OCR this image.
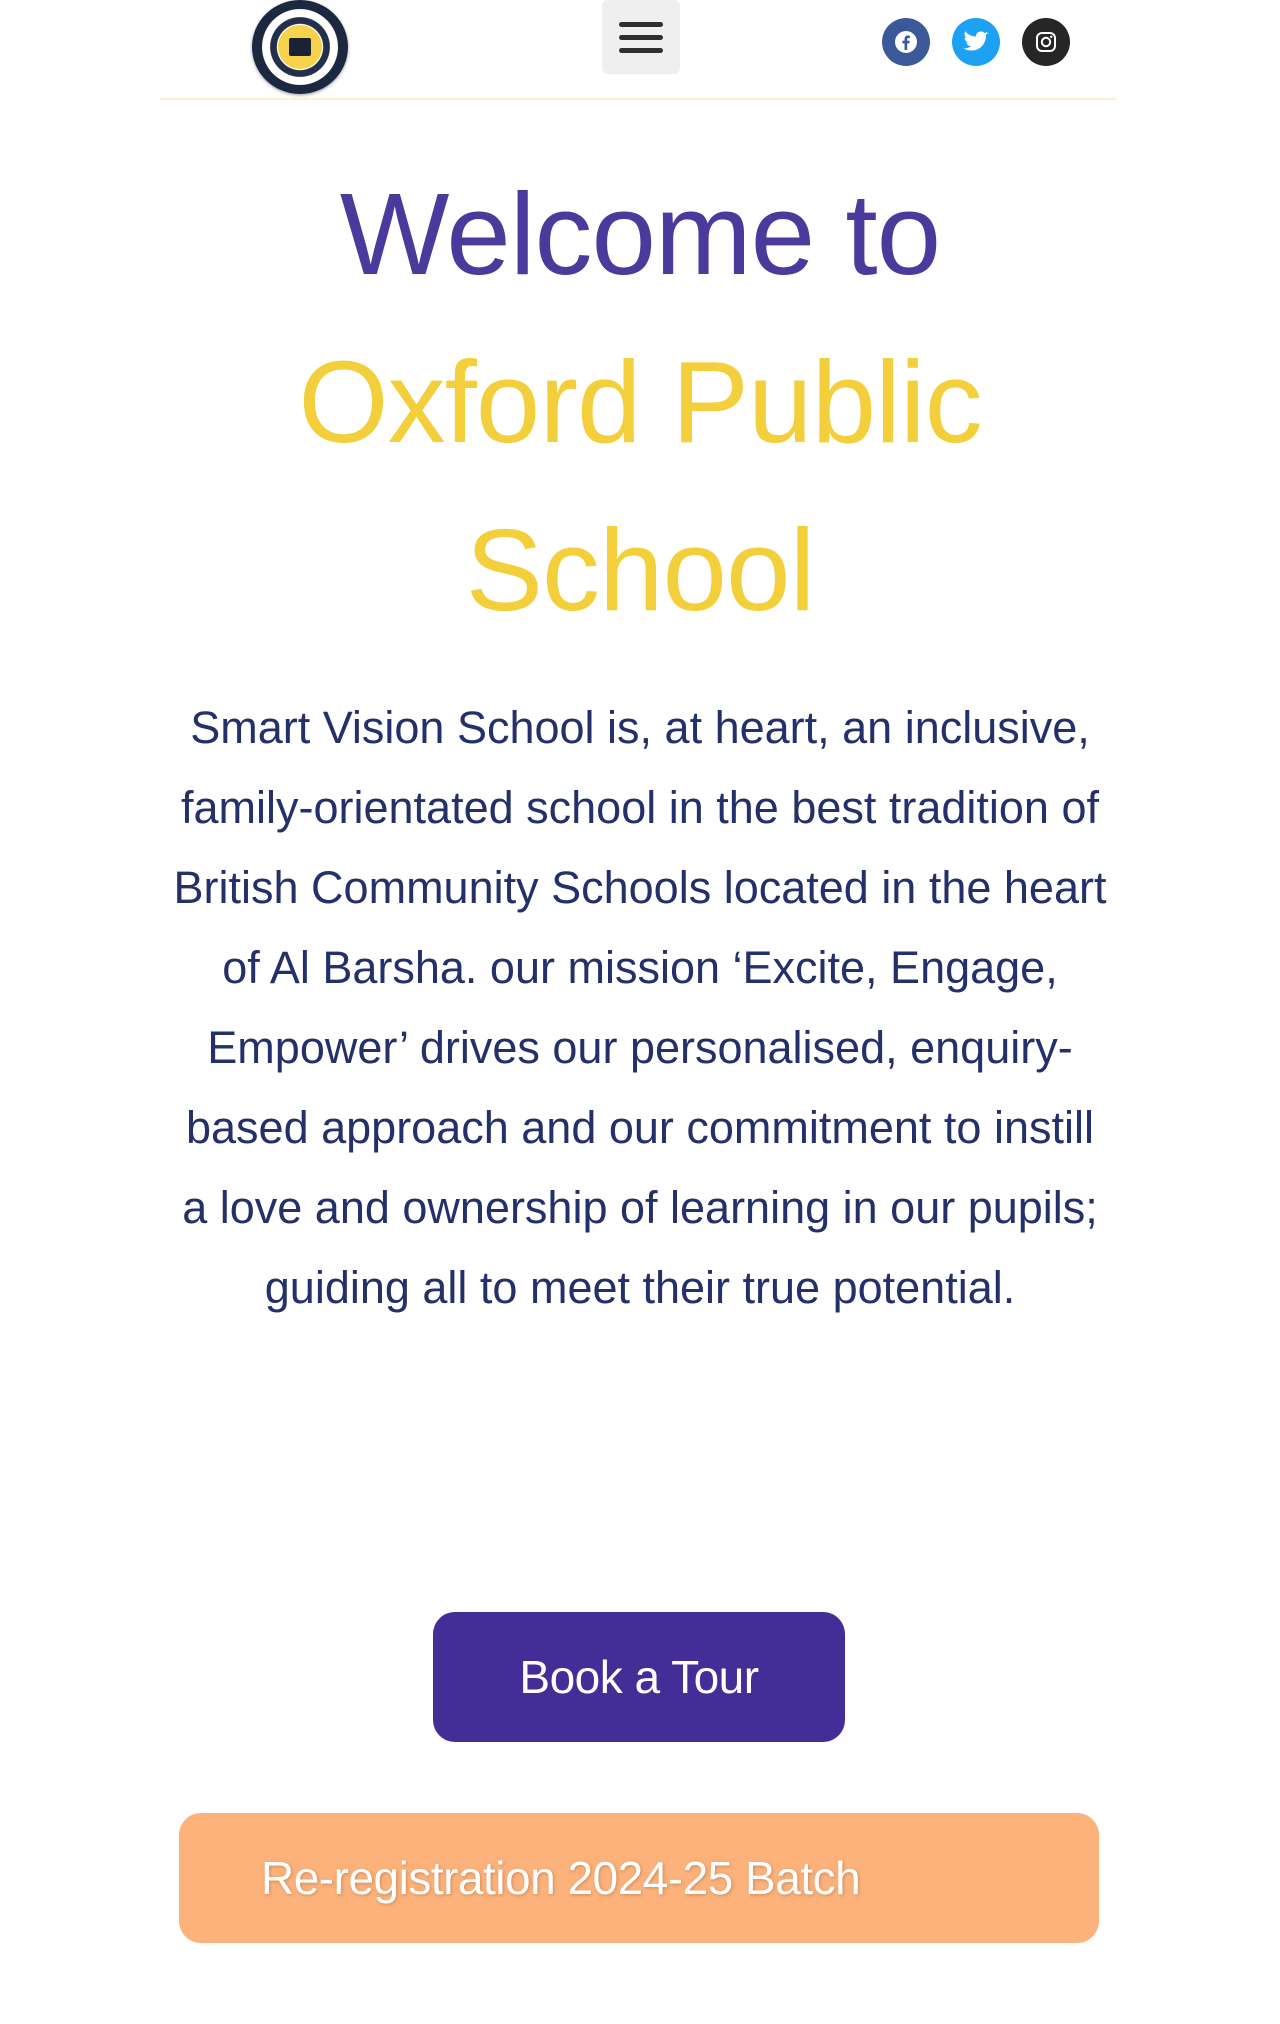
Welcome to
Oxford Public
School

Smart Vision School is, at heart, an inclusive, family-orientated school in the best tradition of British Community Schools located in the heart of Al Barsha. our mission ‘Excite, Engage, Empower’ drives our personalised, enquiry-based approach and our commitment to instill a love and ownership of learning in our pupils; guiding all to meet their true potential.

Book a Tour
Re-registration 2024-25 Batch
